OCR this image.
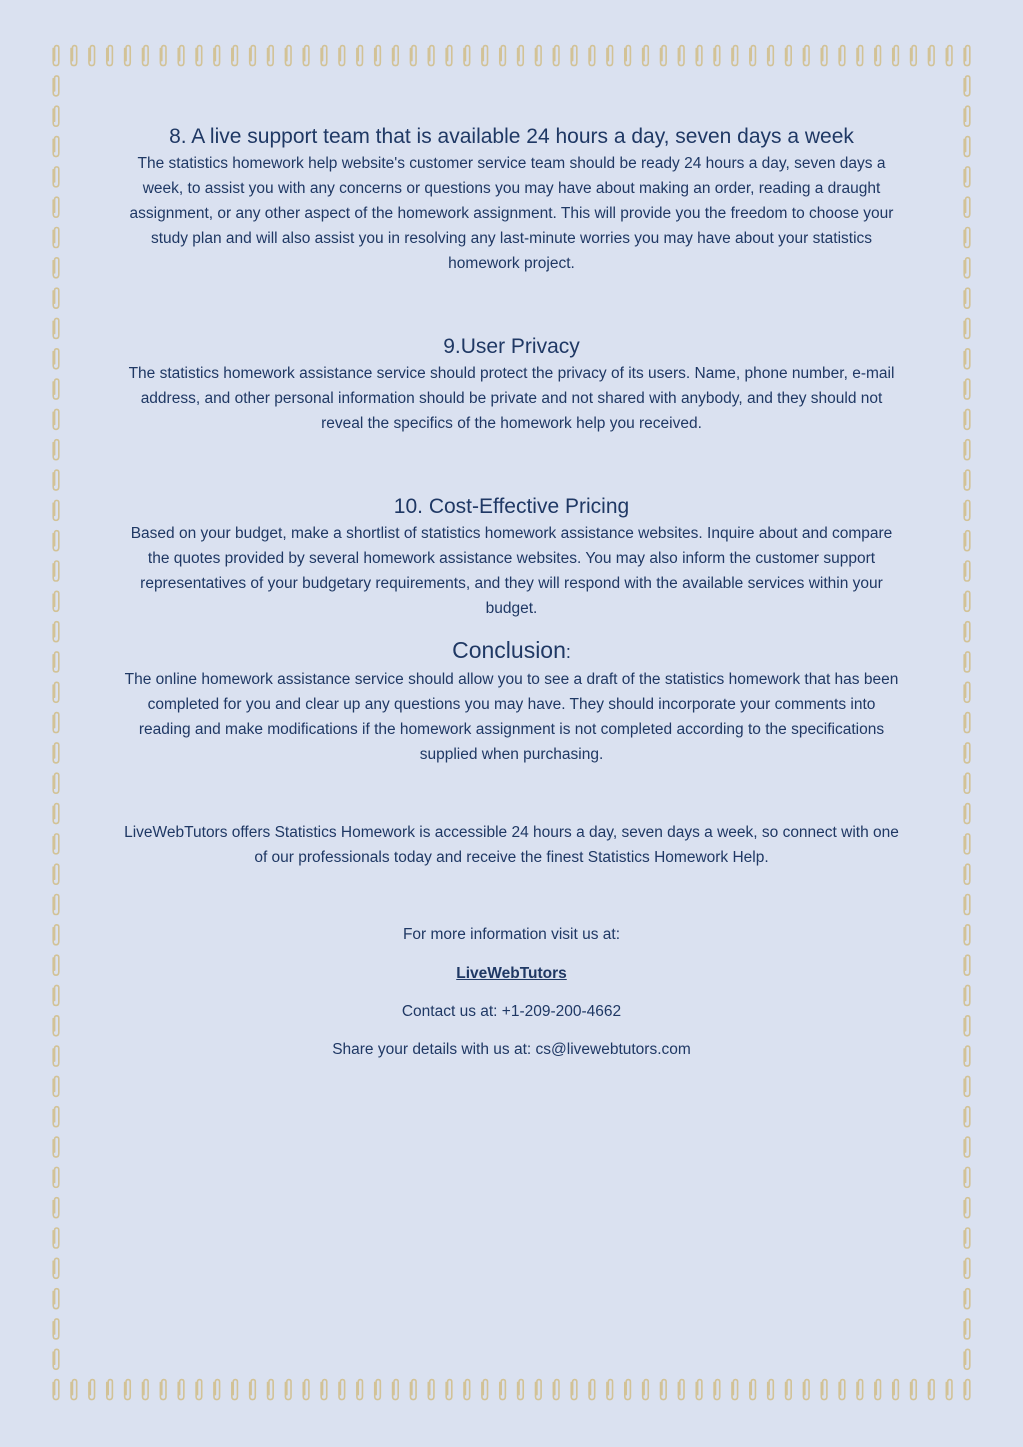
8. A live support team that is available 24 hours a day, seven days a week

The statistics homework help website's customer service team should be ready 24 hours a day, seven days a week, to assist you with any concerns or questions you may have about making an order, reading a draught assignment, or any other aspect of the homework assignment. This will provide you the freedom to choose your study plan and will also assist you in resolving any last-minute worries you may have about your statistics homework project.

9.User Privacy

The statistics homework assistance service should protect the privacy of its users. Name, phone number, e-mail address, and other personal information should be private and not shared with anybody, and they should not reveal the specifics of the homework help you received.

10. Cost-Effective Pricing

Based on your budget, make a shortlist of statistics homework assistance websites. Inquire about and compare the quotes provided by several homework assistance websites. You may also inform the customer support representatives of your budgetary requirements, and they will respond with the available services within your budget.

Conclusion:

The online homework assistance service should allow you to see a draft of the statistics homework that has been completed for you and clear up any questions you may have. They should incorporate your comments into reading and make modifications if the homework assignment is not completed according to the specifications supplied when purchasing.

LiveWebTutors offers Statistics Homework is accessible 24 hours a day, seven days a week, so connect with one of our professionals today and receive the finest Statistics Homework Help.

For more information visit us at:

LiveWebTutors

Contact us at: +1-209-200-4662

Share your details with us at: cs@livewebtutors.com
